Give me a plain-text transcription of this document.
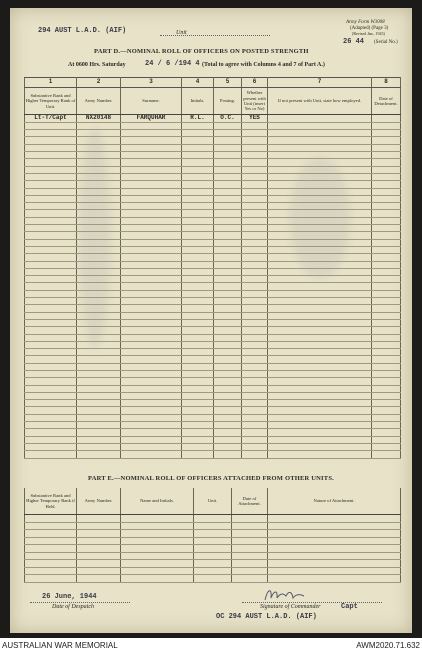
294 AUST L.A.D. (AIF)	Unit
Army Form W3008
(Adapted) (Page 3)
(Revised Jan., 1943)
26 44 (Serial No.)
PART D.—NOMINAL ROLL OF OFFICERS ON POSTED STRENGTH
At 0600 Hrs. Saturday	24 / 6 /194 4 (Total to agree with Columns 4 and 7 of Part A.)
1	2	3	4	5	6	7	8
Substantive Rank and Higher Temporary Rank of Unit.	Army Number.	Surname.	Initials.	Posting.	Whether present with Unit (insert Yes or No)	If not present with Unit, state how employed.	Date of Detachment.
Lt-T/Capt	NX20148	FARQUHAR	R.L.	O.C.	YES		

PART E.—NOMINAL ROLL OF OFFICERS ATTACHED FROM OTHER UNITS.
Substantive Rank and Higher Temporary Rank if Held.	Army Number.	Name and Initials.	Unit.	Date of Attachment.	Nature of Attachment.

26 June, 1944
Date of Despatch	Signature of Commander	Capt
OC 294 AUST L.A.D. (AIF)
AUSTRALIAN WAR MEMORIAL	AWM2020.71.632
